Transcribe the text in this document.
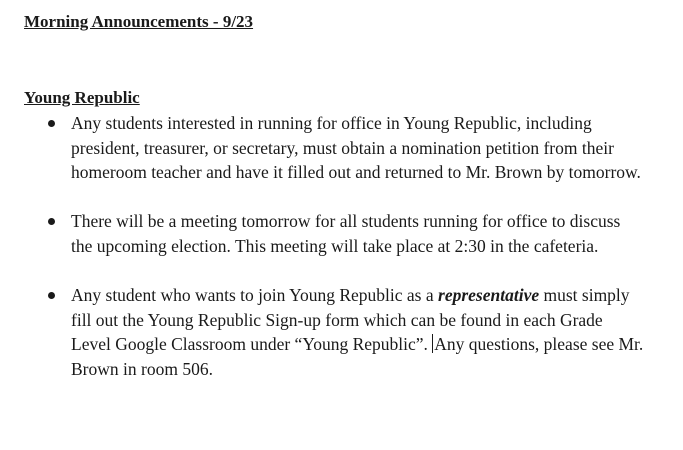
Morning Announcements - 9/23
Young Republic
Any students interested in running for office in Young Republic, including president, treasurer, or secretary, must obtain a nomination petition from their homeroom teacher and have it filled out and returned to Mr. Brown by tomorrow.
There will be a meeting tomorrow for all students running for office to discuss the upcoming election. This meeting will take place at 2:30 in the cafeteria.
Any student who wants to join Young Republic as a representative must simply fill out the Young Republic Sign-up form which can be found in each Grade Level Google Classroom under “Young Republic”. Any questions, please see Mr. Brown in room 506.
